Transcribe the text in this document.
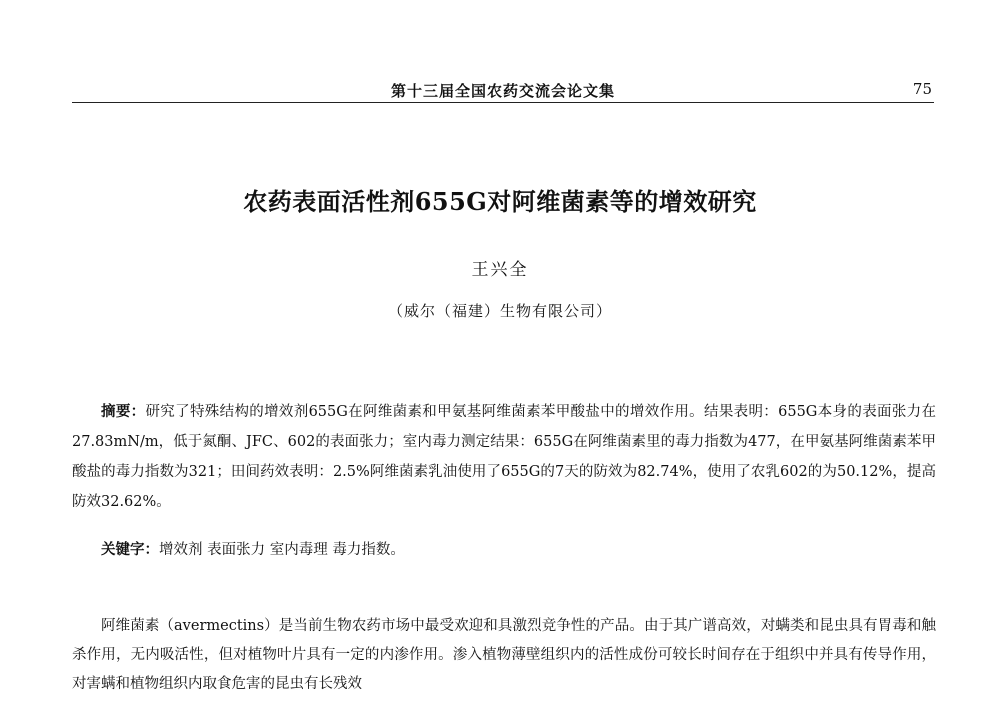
第十三届全国农药交流会论文集	75
农药表面活性剂655G对阿维菌素等的增效研究
王兴全
（威尔（福建）生物有限公司）

摘要：研究了特殊结构的增效剂655G在阿维菌素和甲氨基阿维菌素苯甲酸盐中的增效作用。结果表明：655G本身的表面张力在27.83mN/m，低于氮酮、JFC、602的表面张力；室内毒力测定结果：655G在阿维菌素里的毒力指数为477，在甲氨基阿维菌素苯甲酸盐的毒力指数为321；田间药效表明：2.5%阿维菌素乳油使用了655G的7天的防效为82.74%，使用了农乳602的为50.12%，提高防效32.62%。

关键字：增效剂 表面张力 室内毒理 毒力指数。

阿维菌素（avermectins）是当前生物农药市场中最受欢迎和具激烈竞争性的产品。由于其广谱高效，对螨类和昆虫具有胃毒和触杀作用，无内吸活性，但对植物叶片具有一定的内渗作用。渗入植物薄壁组织内的活性成份可较长时间存在于组织中并具有传导作用，对害螨和植物组织内取食危害的昆虫有长残效
